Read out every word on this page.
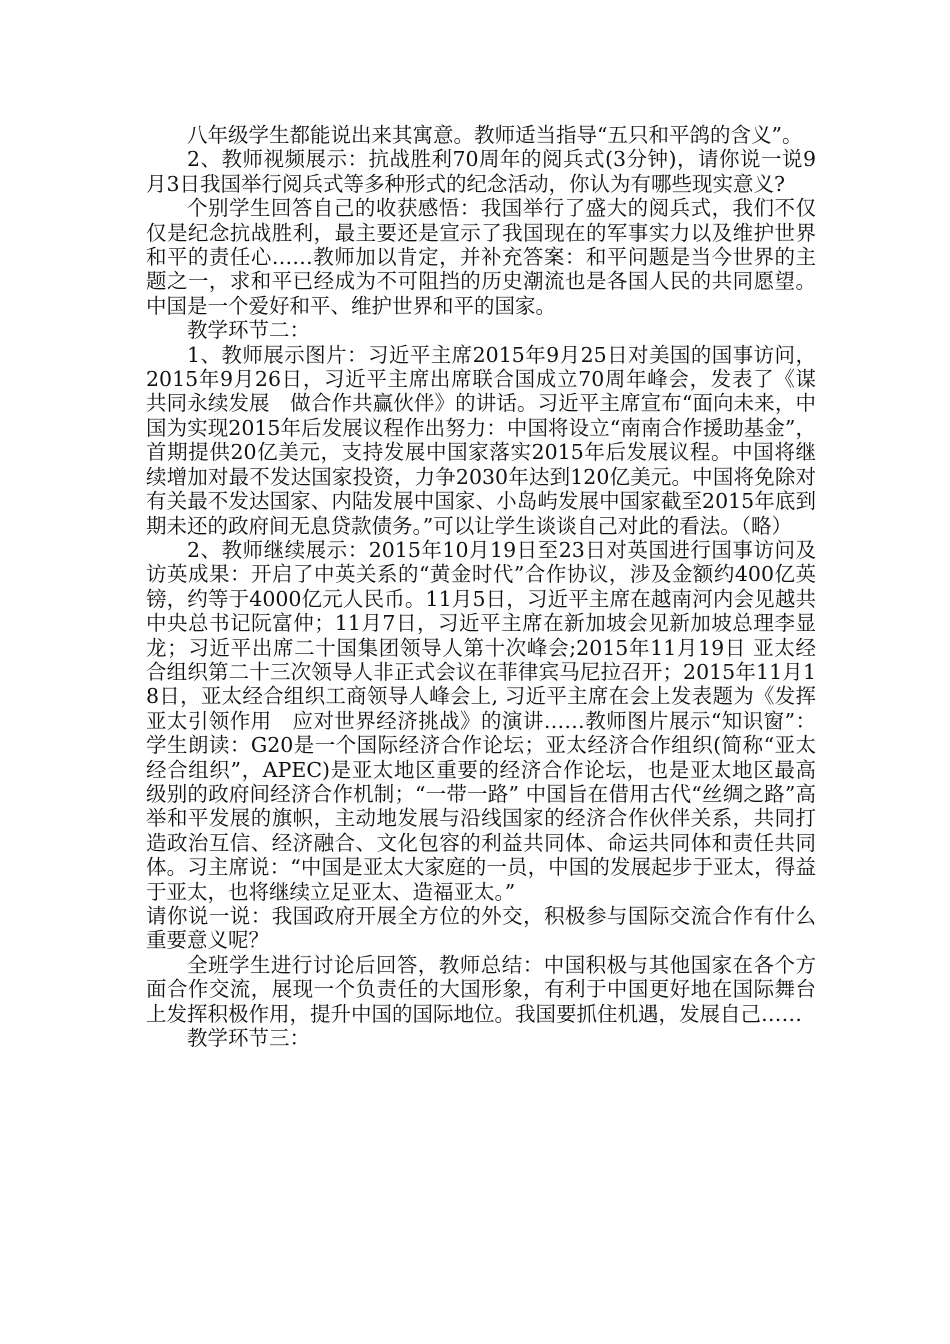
八年级学生都能说出来其寓意。教师适当指导“五只和平鸽的含义”。

2、教师视频展示：抗战胜利70周年的阅兵式(3分钟)，请你说一说9月3日我国举行阅兵式等多种形式的纪念活动，你认为有哪些现实意义?

个别学生回答自己的收获感悟：我国举行了盛大的阅兵式，我们不仅仅是纪念抗战胜利，最主要还是宣示了我国现在的军事实力以及维护世界和平的责任心……教师加以肯定，并补充答案：和平问题是当今世界的主题之一，求和平已经成为不可阻挡的历史潮流也是各国人民的共同愿望。中国是一个爱好和平、维护世界和平的国家。

教学环节二：

1、教师展示图片：习近平主席2015年9月25日对美国的国事访问，2015年9月26日，习近平主席出席联合国成立70周年峰会，发表了《谋共同永续发展　做合作共赢伙伴》的讲话。习近平主席宣布“面向未来，中国为实现2015年后发展议程作出努力：中国将设立“南南合作援助基金”，首期提供20亿美元，支持发展中国家落实2015年后发展议程。中国将继续增加对最不发达国家投资，力争2030年达到120亿美元。中国将免除对有关最不发达国家、内陆发展中国家、小岛屿发展中国家截至2015年底到期未还的政府间无息贷款债务。”可以让学生谈谈自己对此的看法。（略）

2、教师继续展示：2015年10月19日至23日对英国进行国事访问及访英成果：开启了中英关系的“黄金时代”合作协议，涉及金额约400亿英镑，约等于4000亿元人民币。11月5日，习近平主席在越南河内会见越共中央总书记阮富仲；11月7日，习近平主席在新加坡会见新加坡总理李显龙；习近平出席二十国集团领导人第十次峰会;2015年11月19日 亚太经合组织第二十三次领导人非正式会议在菲律宾马尼拉召开；2015年11月18日，亚太经合组织工商领导人峰会上, 习近平主席在会上发表题为《发挥亚太引领作用　应对世界经济挑战》的演讲……教师图片展示“知识窗”：学生朗读：G20是一个国际经济合作论坛；亚太经济合作组织(简称“亚太经合组织”，APEC)是亚太地区重要的经济合作论坛，也是亚太地区最高级别的政府间经济合作机制；“一带一路” 中国旨在借用古代“丝绸之路”高举和平发展的旗帜，主动地发展与沿线国家的经济合作伙伴关系，共同打造政治互信、经济融合、文化包容的利益共同体、命运共同体和责任共同体。习主席说：“中国是亚太大家庭的一员，中国的发展起步于亚太，得益于亚太，也将继续立足亚太、造福亚太。”

请你说一说：我国政府开展全方位的外交，积极参与国际交流合作有什么重要意义呢？

全班学生进行讨论后回答，教师总结：中国积极与其他国家在各个方面合作交流，展现一个负责任的大国形象，有利于中国更好地在国际舞台上发挥积极作用，提升中国的国际地位。我国要抓住机遇，发展自己……

教学环节三：
